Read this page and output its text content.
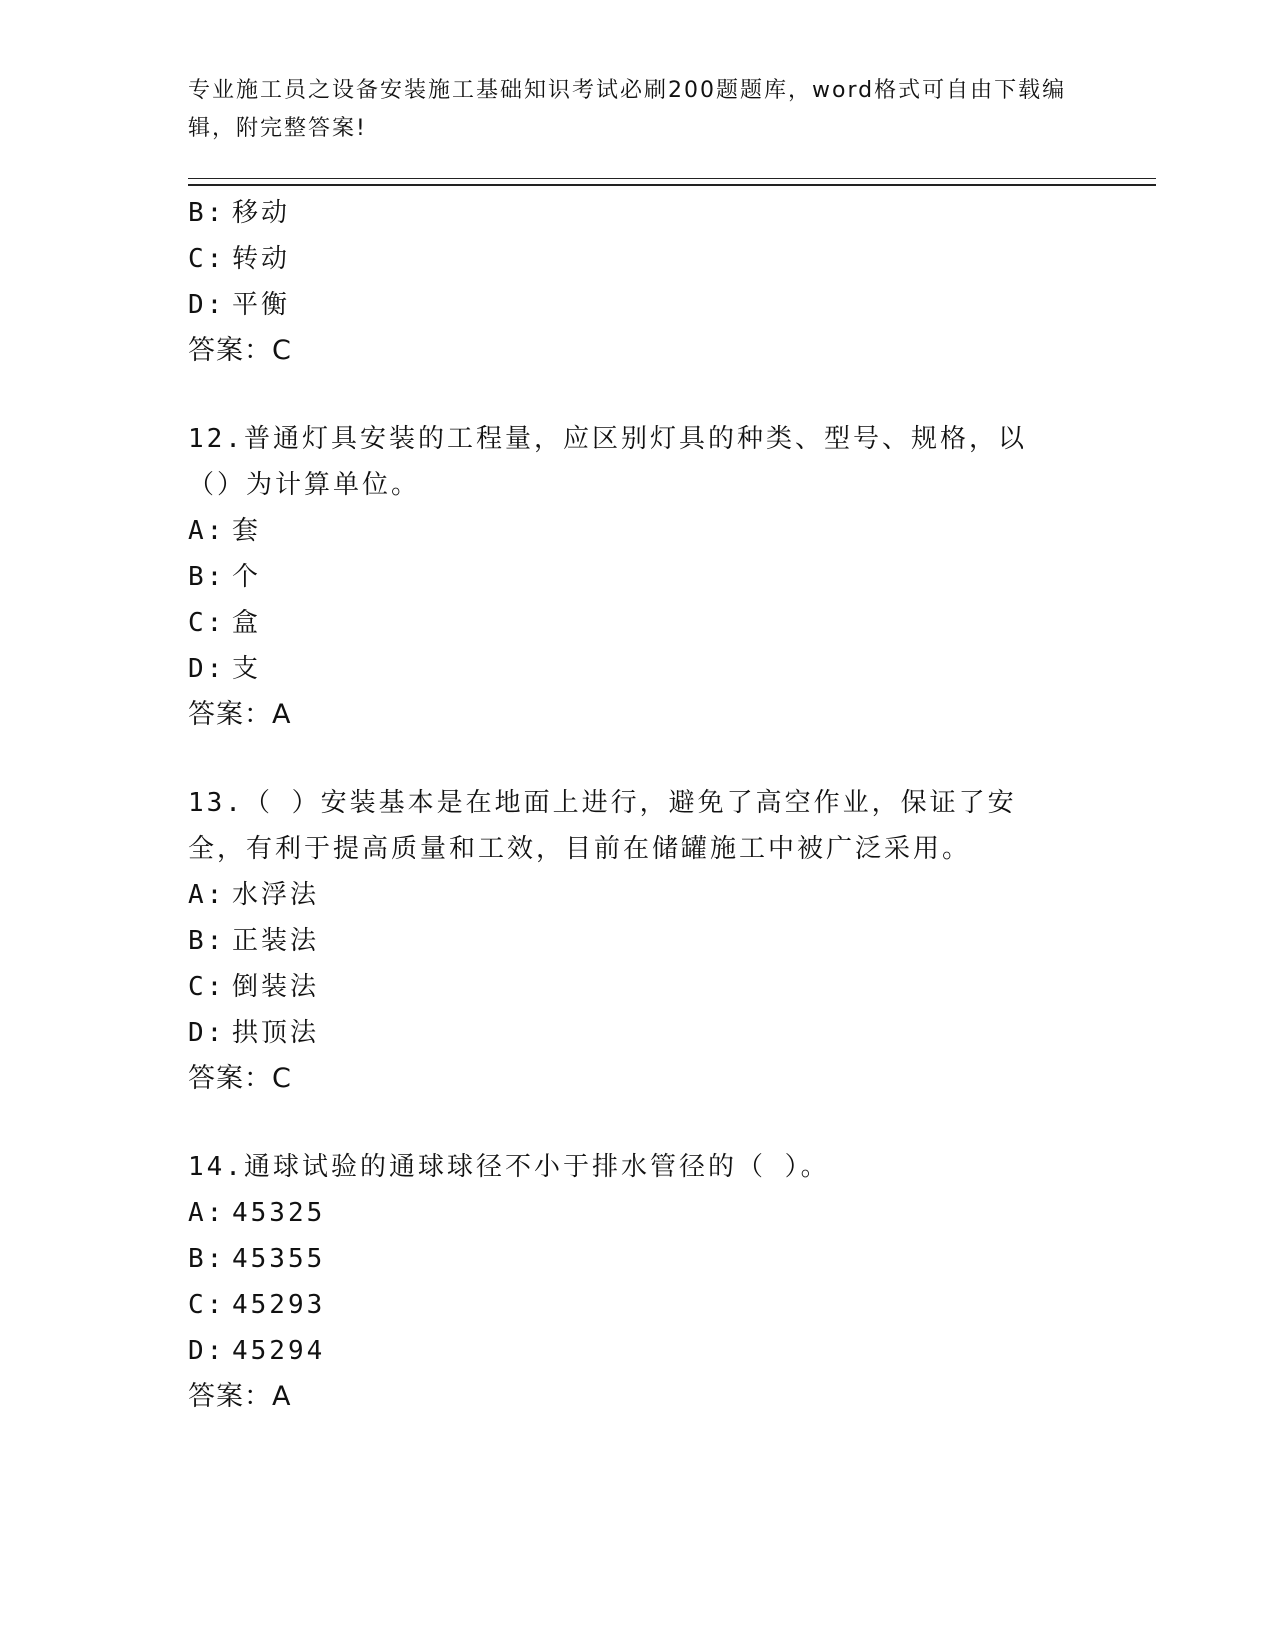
专业施工员之设备安装施工基础知识考试必刷200题题库，word格式可自由下载编辑，附完整答案!
B: 移动
C: 转动
D: 平衡
答案：C
12.普通灯具安装的工程量，应区别灯具的种类、型号、规格，以（）为计算单位。
A: 套
B: 个
C: 盒
D: 支
答案：A
13.（ ）安装基本是在地面上进行，避免了高空作业，保证了安全，有利于提高质量和工效，目前在储罐施工中被广泛采用。
A: 水浮法
B: 正装法
C: 倒装法
D: 拱顶法
答案：C
14.通球试验的通球球径不小于排水管径的（ ）。
A: 45325
B: 45355
C: 45293
D: 45294
答案：A
